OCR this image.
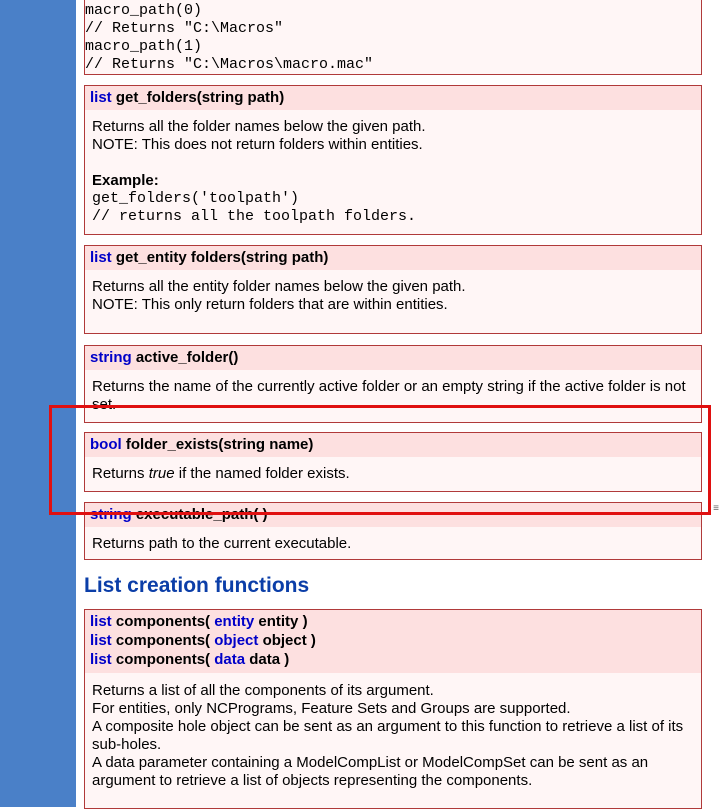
macro_path(0)
// Returns "C:\Macros"
macro_path(1)
// Returns "C:\Macros\macro.mac"
list get_folders(string path)
Returns all the folder names below the given path.
NOTE: This does not return folders within entities.
Example:
get_folders('toolpath')
// returns all the toolpath folders.
list get_entity folders(string path)
Returns all the entity folder names below the given path.
NOTE: This only return folders that are within entities.
string active_folder()
Returns the name of the currently active folder or an empty string if the active folder is not set.
bool folder_exists(string name)
Returns true if the named folder exists.
string executable_path( )
Returns path to the current executable.
List creation functions
list components( entity entity )
list components( object object )
list components( data data )
Returns a list of all the components of its argument.
For entities, only NCPrograms, Feature Sets and Groups are supported.
A composite hole object can be sent as an argument to this function to retrieve a list of its sub-holes.
A data parameter containing a ModelCompList or ModelCompSet can be sent as an argument to retrieve a list of objects representing the components.
≡
